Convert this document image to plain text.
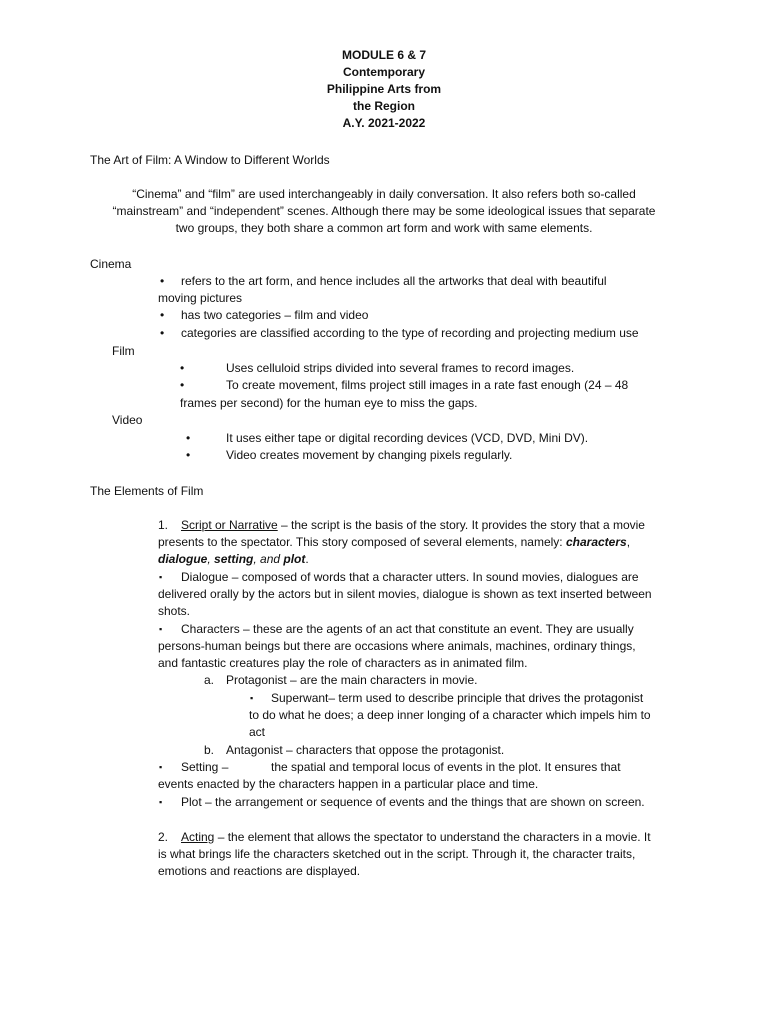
MODULE 6 & 7
Contemporary
Philippine Arts from
the Region
A.Y. 2021-2022
The Art of Film: A Window to Different Worlds
“Cinema” and “film” are used interchangeably in daily conversation. It also refers both so-called
“mainstream” and “independent” scenes. Although there may be some ideological issues that separate
two groups, they both share a common art form and work with same elements.
Cinema
• refers to the art form, and hence includes all the artworks that deal with beautiful
moving pictures
• has two categories – film and video
• categories are classified according to the type of recording and projecting medium use
Film
•	Uses celluloid strips divided into several frames to record images.
•	To create movement, films project still images in a rate fast enough (24 – 48
frames per second) for the human eye to miss the gaps.
Video
•	It uses either tape or digital recording devices (VCD, DVD, Mini DV).
•	Video creates movement by changing pixels regularly.
The Elements of Film
1. Script or Narrative – the script is the basis of the story. It provides the story that a movie
presents to the spectator. This story composed of several elements, namely: characters,
dialogue, setting, and plot.
▪ Dialogue – composed of words that a character utters. In sound movies, dialogues are
delivered orally by the actors but in silent movies, dialogue is shown as text inserted between
shots.
▪ Characters – these are the agents of an act that constitute an event. They are usually
persons-human beings but there are occasions where animals, machines, ordinary things,
and fantastic creatures play the role of characters as in animated film.
a. Protagonist – are the main characters in movie.
▪ Superwant– term used to describe principle that drives the protagonist
to do what he does; a deep inner longing of a character which impels him to
act
b. Antagonist – characters that oppose the protagonist.
▪ Setting –	the spatial and temporal locus of events in the plot. It ensures that
events enacted by the characters happen in a particular place and time.
▪ Plot – the arrangement or sequence of events and the things that are shown on screen.
2. Acting – the element that allows the spectator to understand the characters in a movie. It
is what brings life the characters sketched out in the script. Through it, the character traits,
emotions and reactions are displayed.
